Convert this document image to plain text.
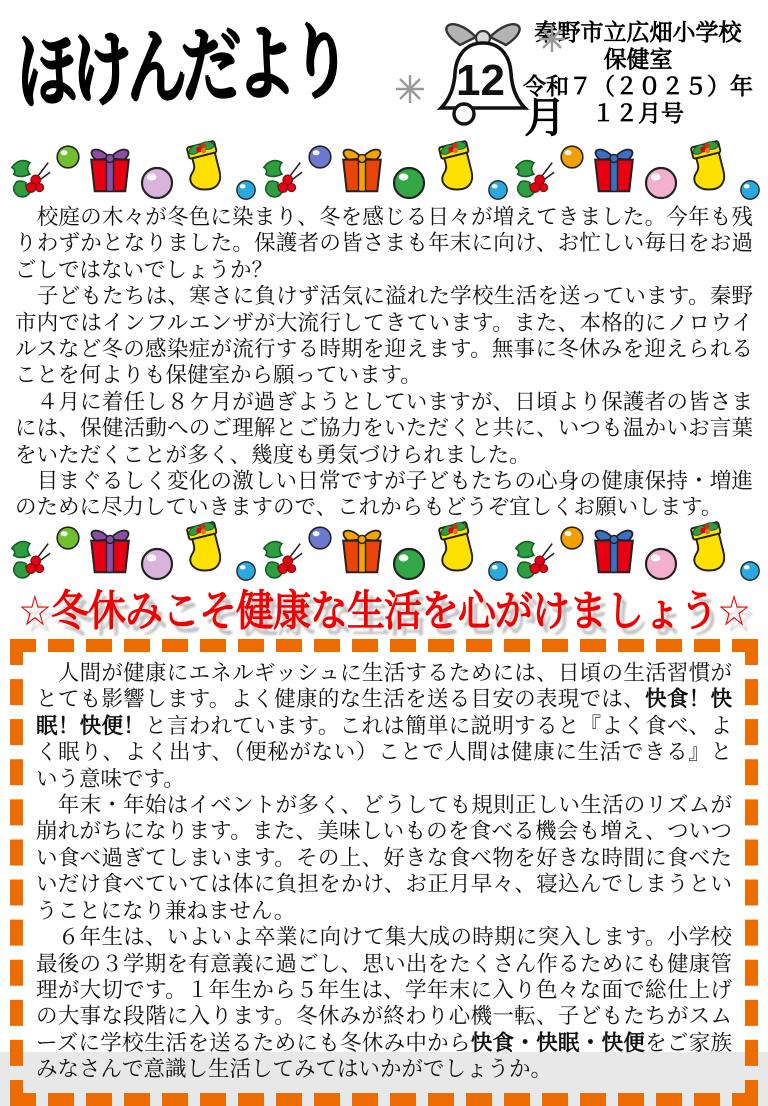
ほけんだより	12
月
秦野市立広畑小学校
保健室
令和７（２０２５）年
１２月号

　校庭の木々が冬色に染まり、冬を感じる日々が増えてきました。今年も残りわずかとなりました。保護者の皆さまも年末に向け、お忙しい毎日をお過ごしではないでしょうか？

　子どもたちは、寒さに負けず活気に溢れた学校生活を送っています。秦野市内ではインフルエンザが大流行してきています。また、本格的にノロウイルスなど冬の感染症が流行する時期を迎えます。無事に冬休みを迎えられることを何よりも保健室から願っています。

　４月に着任し８ケ月が過ぎようとしていますが、日頃より保護者の皆さまには、保健活動へのご理解とご協力をいただくと共に、いつも温かいお言葉をいただくことが多く、幾度も勇気づけられました。

　目まぐるしく変化の激しい日常ですが子どもたちの心身の健康保持・増進のために尽力していきますので、これからもどうぞ宜しくお願いします。

☆冬休みこそ健康な生活を心がけましょう☆

　人間が健康にエネルギッシュに生活するためには、日頃の生活習慣がとても影響します。よく健康的な生活を送る目安の表現では、快食！快眠！快便！と言われています。これは簡単に説明すると『よく食べ、よく眠り、よく出す、（便秘がない）ことで人間は健康に生活できる』という意味です。

　年末・年始はイベントが多く、どうしても規則正しい生活のリズムが崩れがちになります。また、美味しいものを食べる機会も増え、ついつい食べ過ぎてしまいます。その上、好きな食べ物を好きな時間に食べたいだけ食べていては体に負担をかけ、お正月早々、寝込んでしまうということになり兼ねません。

　６年生は、いよいよ卒業に向けて集大成の時期に突入します。小学校最後の３学期を有意義に過ごし、思い出をたくさん作るためにも健康管理が大切です。１年生から５年生は、学年末に入り色々な面で総仕上げの大事な段階に入ります。冬休みが終わり心機一転、子どもたちがスムーズに学校生活を送るためにも冬休み中から快食・快眠・快便をご家族みなさんで意識し生活してみてはいかがでしょうか。
